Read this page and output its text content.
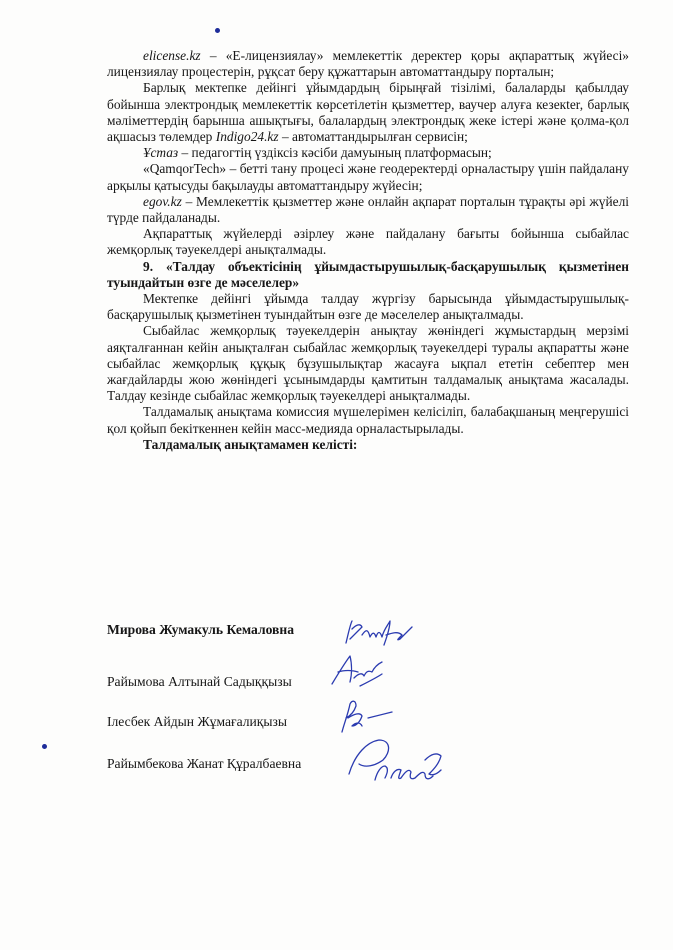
elicense.kz – «Е-лицензиялау» мемлекеттік деректер қоры ақпараттық жүйесі» лицензиялау процестерін, рұқсат беру құжаттарын автоматтандыру порталын;

Барлық мектепке дейінгі ұйымдардың бірыңғай тізілімі, балаларды қабылдау бойынша электрондық мемлекеттік көрсетілетін қызметтер, ваучер алуға кезекter, барлық мәліметтердің барынша ашықтығы, балалардың электрондық жеке істері және қолма-қол ақшасыз төлемдер Indigo24.kz – автоматтандырылған сервисін;

Ұстаз – педагогтің үздіксіз кәсіби дамуының платформасын;

«QamqorTech» – бетті тану процесі және геодеректерді орналастыру үшін пайдалану арқылы қатысуды бақылауды автоматтандыру жүйесін;

egov.kz – Мемлекеттік қызметтер және онлайн ақпарат порталын тұрақты әрі жүйелі түрде пайдаланады.

Ақпараттық жүйелерді әзірлеу және пайдалану бағыты бойынша сыбайлас жемқорлық тәуекелдері анықталмады.

9. «Талдау объектісінің ұйымдастырушылық-басқарушылық қызметінен туындайтын өзге де мәселелер»

Мектепке дейінгі ұйымда талдау жүргізу барысында ұйымдастырушылық-басқарушылық қызметінен туындайтын өзге де мәселелер анықталмады.

Сыбайлас жемқорлық тәуекелдерін анықтау жөніндегі жұмыстардың мерзімі аяқталғаннан кейін анықталған сыбайлас жемқорлық тәуекелдері туралы ақпаратты және сыбайлас жемқорлық құқық бұзушылықтар жасауға ықпал ететін себептер мен жағдайларды жою жөніндегі ұсынымдарды қамтитын талдамалық анықтама жасалады. Талдау кезінде сыбайлас жемқорлық тәуекелдері анықталмады.

Талдамалық анықтама комиссия мүшелерімен келісіліп, балабақшаның меңгерушісі қол қойып бекіткеннен кейін масс-медияда орналастырылады.

Талдамалық анықтамамен келісті:

Мирова Жумакуль Кемаловна
Райымова Алтынай Садыққызы
Ілесбек Айдын Жұмағалиқызы
Райымбекова Жанат Құралбаевна
